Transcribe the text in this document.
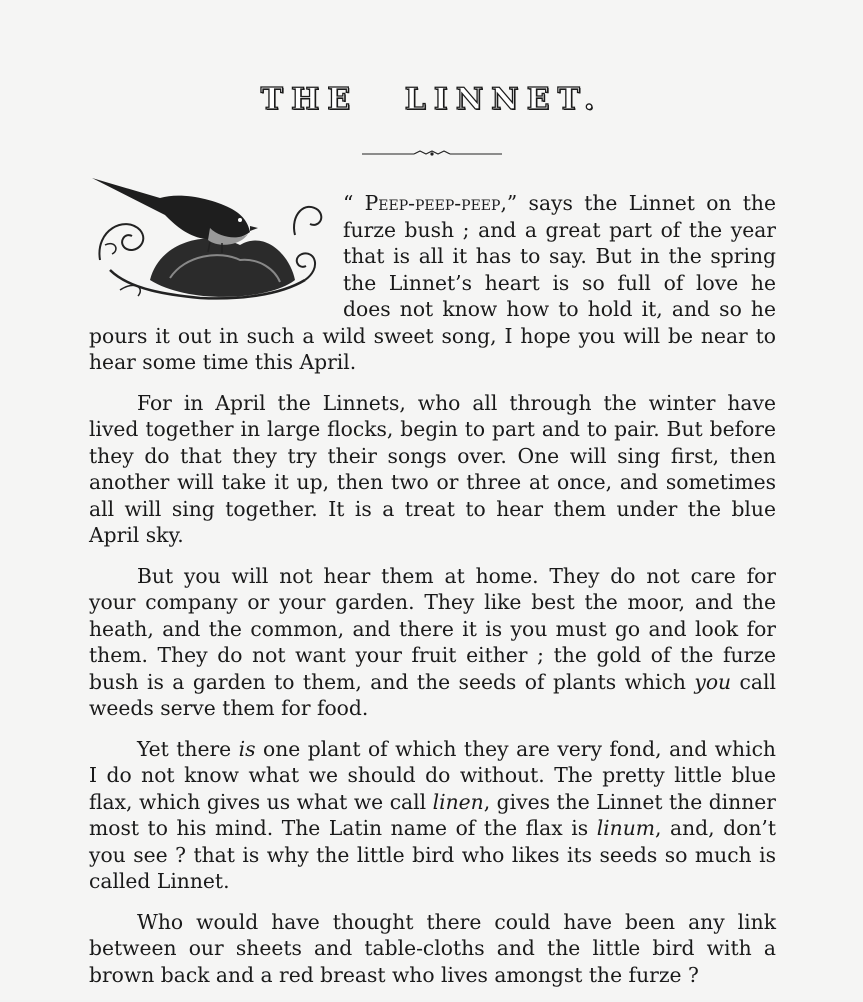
THE LINNET.

“ Peep-peep-peep,” says the Linnet on the furze bush ; and a great part of the year that is all it has to say. But in the spring the Linnet’s heart is so full of love he does not know how to hold it, and so he pours it out in such a wild sweet song, I hope you will be near to hear some time this April.

For in April the Linnets, who all through the winter have lived together in large flocks, begin to part and to pair. But before they do that they try their songs over. One will sing first, then another will take it up, then two or three at once, and sometimes all will sing together. It is a treat to hear them under the blue April sky.

But you will not hear them at home. They do not care for your company or your garden. They like best the moor, and the heath, and the common, and there it is you must go and look for them. They do not want your fruit either ; the gold of the furze bush is a garden to them, and the seeds of plants which you call weeds serve them for food.

Yet there is one plant of which they are very fond, and which I do not know what we should do without. The pretty little blue flax, which gives us what we call linen, gives the Linnet the dinner most to his mind. The Latin name of the flax is linum, and, don’t you see ? that is why the little bird who likes its seeds so much is called Linnet.

Who would have thought there could have been any link between our sheets and table-cloths and the little bird with a brown back and a red breast who lives amongst the furze ?
